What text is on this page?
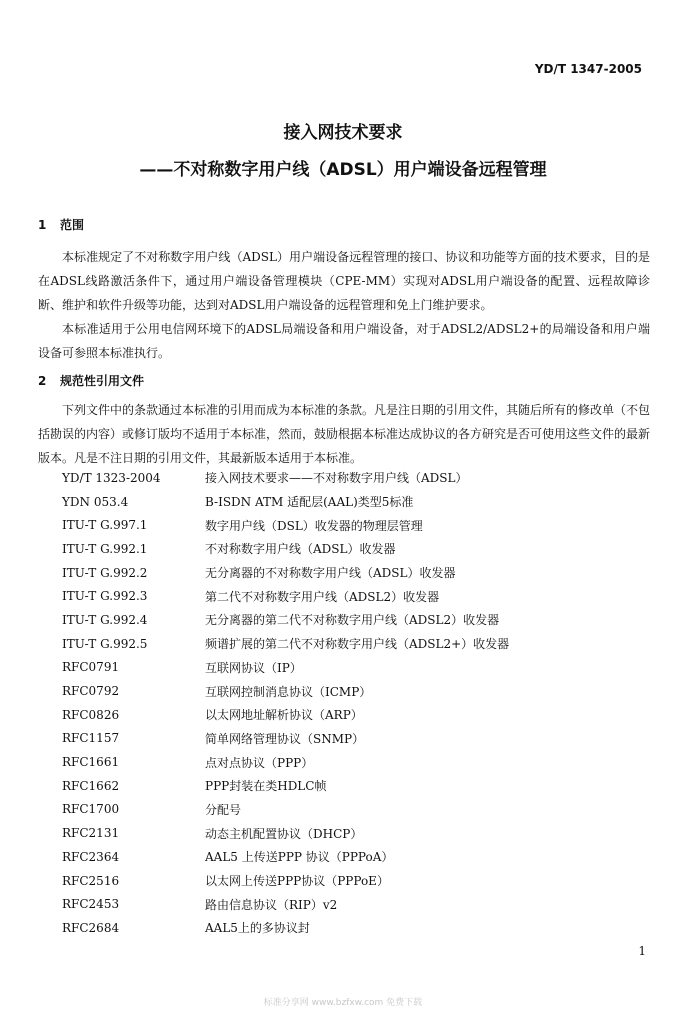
YD/T 1347-2005
接入网技术要求
——不对称数字用户线（ADSL）用户端设备远程管理
1 范围

本标准规定了不对称数字用户线（ADSL）用户端设备远程管理的接口、协议和功能等方面的技术要求，目的是在ADSL线路激活条件下，通过用户端设备管理模块（CPE-MM）实现对ADSL用户端设备的配置、远程故障诊断、维护和软件升级等功能，达到对ADSL用户端设备的远程管理和免上门维护要求。

本标准适用于公用电信网环境下的ADSL局端设备和用户端设备，对于ADSL2/ADSL2+的局端设备和用户端设备可参照本标准执行。

2 规范性引用文件

下列文件中的条款通过本标准的引用而成为本标准的条款。凡是注日期的引用文件，其随后所有的修改单（不包括勘误的内容）或修订版均不适用于本标准，然而，鼓励根据本标准达成协议的各方研究是否可使用这些文件的最新版本。凡是不注日期的引用文件，其最新版本适用于本标准。

YD/T 1323-2004	接入网技术要求——不对称数字用户线（ADSL）
YDN 053.4	B-ISDN ATM 适配层(AAL)类型5标准
ITU-T G.997.1	数字用户线（DSL）收发器的物理层管理
ITU-T G.992.1	不对称数字用户线（ADSL）收发器
ITU-T G.992.2	无分离器的不对称数字用户线（ADSL）收发器
ITU-T G.992.3	第二代不对称数字用户线（ADSL2）收发器
ITU-T G.992.4	无分离器的第二代不对称数字用户线（ADSL2）收发器
ITU-T G.992.5	频谱扩展的第二代不对称数字用户线（ADSL2+）收发器
RFC0791	互联网协议（IP）
RFC0792	互联网控制消息协议（ICMP）
RFC0826	以太网地址解析协议（ARP）
RFC1157	简单网络管理协议（SNMP）
RFC1661	点对点协议（PPP）
RFC1662	PPP封装在类HDLC帧
RFC1700	分配号
RFC2131	动态主机配置协议（DHCP）
RFC2364	AAL5 上传送PPP 协议（PPPoA）
RFC2516	以太网上传送PPP协议（PPPoE）
RFC2453	路由信息协议（RIP）v2
RFC2684	AAL5上的多协议封
1
标准分享网 www.bzfxw.com 免费下载
